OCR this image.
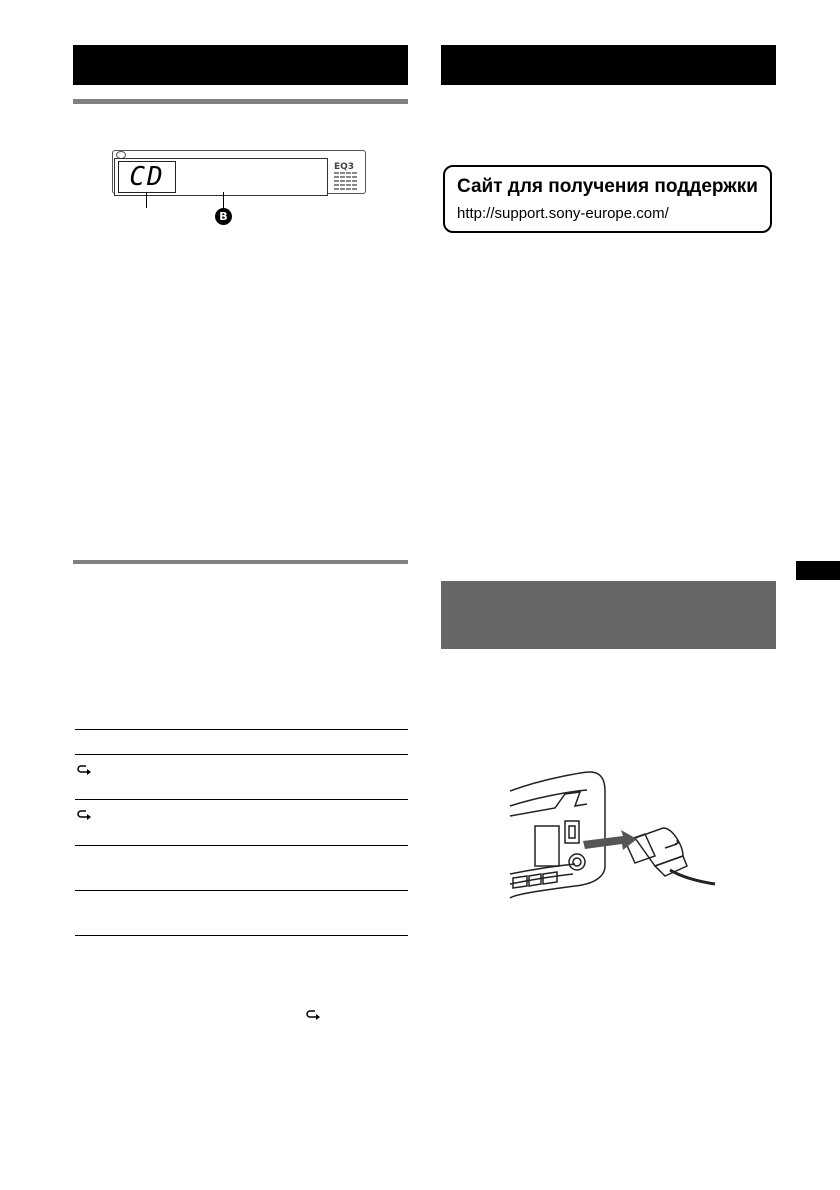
CD	EQ3
B
Сайт для получения поддержки
http://support.sony-europe.com/
